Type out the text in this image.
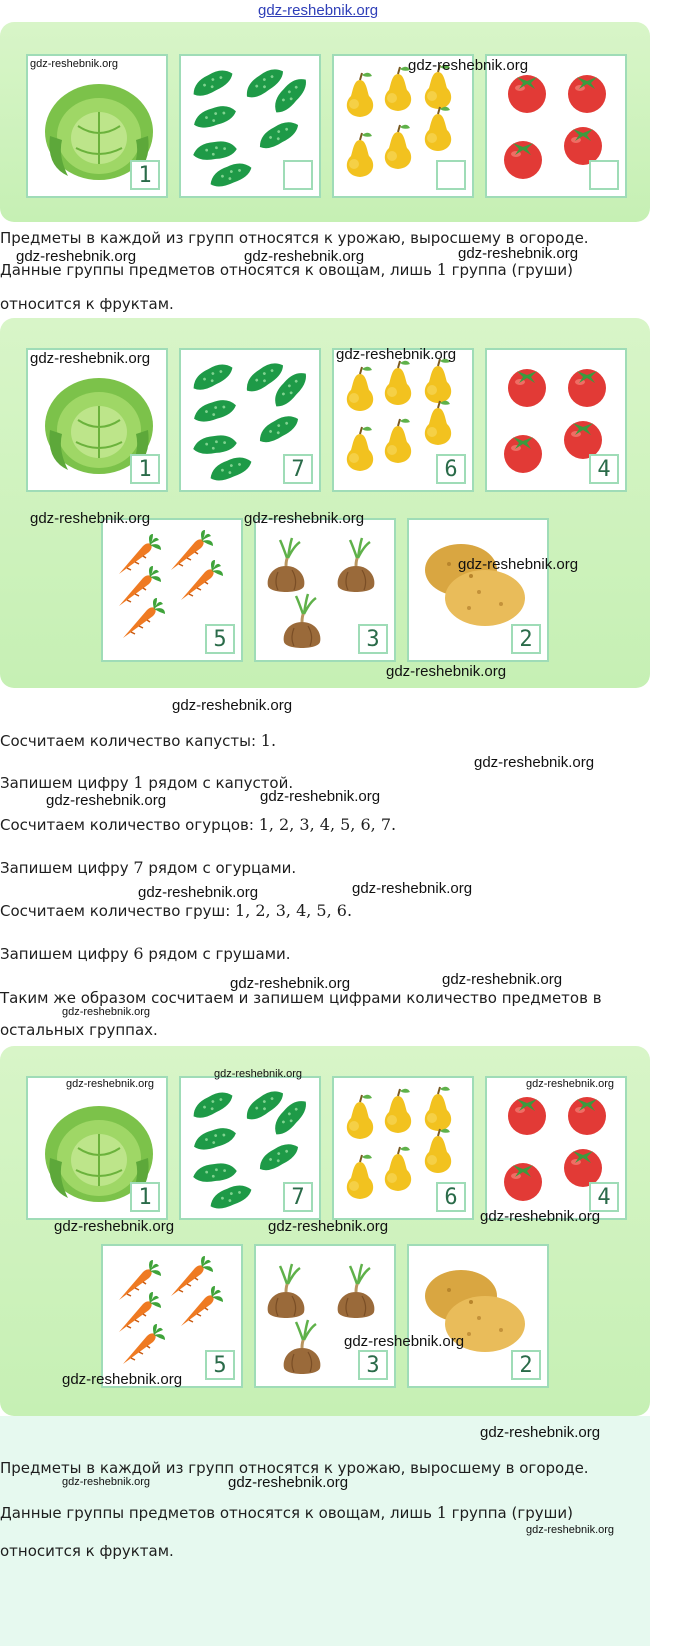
gdz-reshebnik.org
1
Предметы в каждой из групп относятся к урожаю, выросшему в огороде.
Данные группы предметов относятся к овощам, лишь 1 группа (груши)
относится к фруктам.
1	7	6	4
5	3	2
Сосчитаем количество капусты: 1.
Запишем цифру 1 рядом с капустой.
Сосчитаем количество огурцов: 1, 2, 3, 4, 5, 6, 7.
Запишем цифру 7 рядом с огурцами.
Сосчитаем количество груш: 1, 2, 3, 4, 5, 6.
Запишем цифру 6 рядом с грушами.
Таким же образом сосчитаем и запишем цифрами количество предметов в
остальных группах.
1	7	6	4
5	3	2
Предметы в каждой из групп относятся к урожаю, выросшему в огороде.
Данные группы предметов относятся к овощам, лишь 1 группа (груши)
относится к фруктам.
gdz-reshebnik.org	gdz-reshebnik.org
gdz-reshebnik.org	gdz-reshebnik.org	gdz-reshebnik.org
gdz-reshebnik.org	gdz-reshebnik.org
gdz-reshebnik.org	gdz-reshebnik.org
gdz-reshebnik.org
gdz-reshebnik.org
gdz-reshebnik.org
gdz-reshebnik.org
gdz-reshebnik.org	gdz-reshebnik.org
gdz-reshebnik.org	gdz-reshebnik.org
gdz-reshebnik.org	gdz-reshebnik.org
gdz-reshebnik.org
gdz-reshebnik.org
gdz-reshebnik.org	gdz-reshebnik.org
gdz-reshebnik.org	gdz-reshebnik.org
gdz-reshebnik.org
gdz-reshebnik.org
gdz-reshebnik.org
gdz-reshebnik.org
gdz-reshebnik.org	gdz-reshebnik.org
gdz-reshebnik.org
